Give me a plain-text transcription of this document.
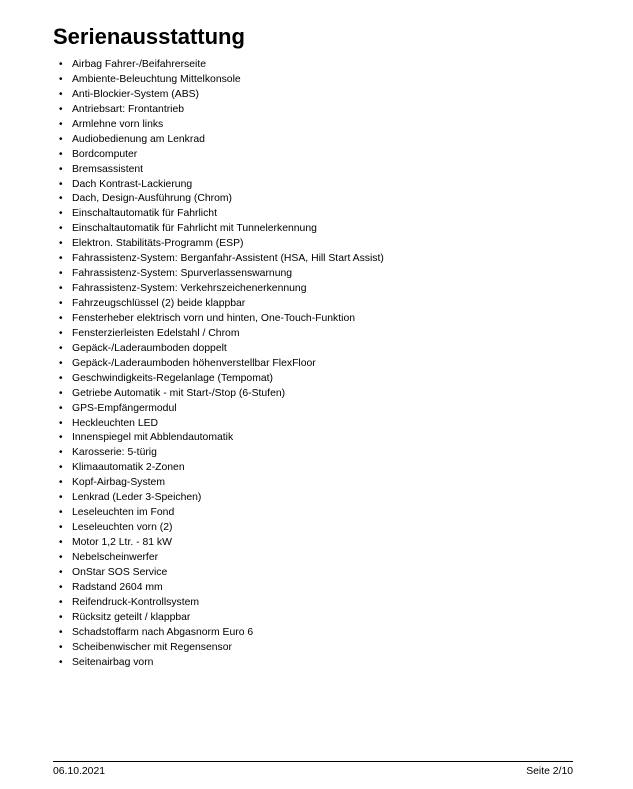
Serienausstattung
• Airbag Fahrer-/Beifahrerseite
• Ambiente-Beleuchtung Mittelkonsole
• Anti-Blockier-System (ABS)
• Antriebsart: Frontantrieb
• Armlehne vorn links
• Audiobedienung am Lenkrad
• Bordcomputer
• Bremsassistent
• Dach Kontrast-Lackierung
• Dach, Design-Ausführung (Chrom)
• Einschaltautomatik für Fahrlicht
• Einschaltautomatik für Fahrlicht mit Tunnelerkennung
• Elektron. Stabilitäts-Programm (ESP)
• Fahrassistenz-System: Berganfahr-Assistent (HSA, Hill Start Assist)
• Fahrassistenz-System: Spurverlassenswarnung
• Fahrassistenz-System: Verkehrszeichenerkennung
• Fahrzeugschlüssel (2) beide klappbar
• Fensterheber elektrisch vorn und hinten, One-Touch-Funktion
• Fensterzierleisten Edelstahl / Chrom
• Gepäck-/Laderaumboden doppelt
• Gepäck-/Laderaumboden höhenverstellbar FlexFloor
• Geschwindigkeits-Regelanlage (Tempomat)
• Getriebe Automatik - mit Start-/Stop (6-Stufen)
• GPS-Empfängermodul
• Heckleuchten LED
• Innenspiegel mit Abblendautomatik
• Karosserie: 5-türig
• Klimaautomatik 2-Zonen
• Kopf-Airbag-System
• Lenkrad (Leder 3-Speichen)
• Leseleuchten im Fond
• Leseleuchten vorn (2)
• Motor 1,2 Ltr. - 81 kW
• Nebelscheinwerfer
• OnStar SOS Service
• Radstand 2604 mm
• Reifendruck-Kontrollsystem
• Rücksitz geteilt / klappbar
• Schadstoffarm nach Abgasnorm Euro 6
• Scheibenwischer mit Regensensor
• Seitenairbag vorn
06.10.2021	Seite 2/10
